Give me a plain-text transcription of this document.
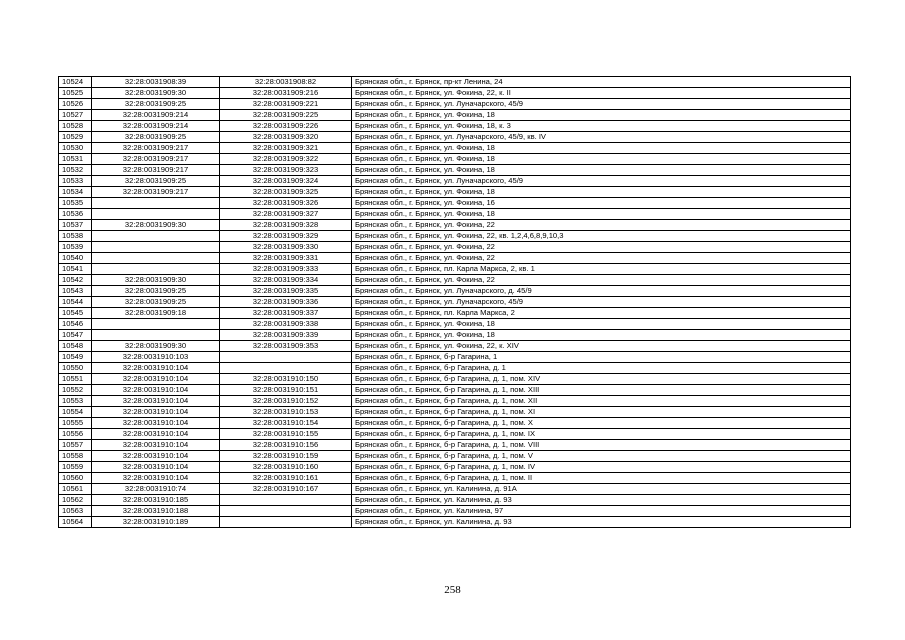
10524	32:28:0031908:39	32:28:0031908:82	Брянская обл., г. Брянск, пр-кт Ленина, 24
10525	32:28:0031909:30	32:28:0031909:216	Брянская обл., г. Брянск, ул. Фокина, 22, к. II
10526	32:28:0031909:25	32:28:0031909:221	Брянская обл., г. Брянск, ул. Луначарского, 45/9
10527	32:28:0031909:214	32:28:0031909:225	Брянская обл., г. Брянск, ул. Фокина, 18
10528	32:28:0031909:214	32:28:0031909:226	Брянская обл., г. Брянск, ул. Фокина, 18, к. 3
10529	32:28:0031909:25	32:28:0031909:320	Брянская обл., г. Брянск, ул. Луначарского, 45/9, кв. IV
10530	32:28:0031909:217	32:28:0031909:321	Брянская обл., г. Брянск, ул. Фокина, 18
10531	32:28:0031909:217	32:28:0031909:322	Брянская обл., г. Брянск, ул. Фокина, 18
10532	32:28:0031909:217	32:28:0031909:323	Брянская обл., г. Брянск, ул. Фокина, 18
10533	32:28:0031909:25	32:28:0031909:324	Брянская обл., г. Брянск, ул. Луначарского, 45/9
10534	32:28:0031909:217	32:28:0031909:325	Брянская обл., г. Брянск, ул. Фокина, 18
10535		32:28:0031909:326	Брянская обл., г. Брянск, ул. Фокина, 16
10536		32:28:0031909:327	Брянская обл., г. Брянск, ул. Фокина, 18
10537	32:28:0031909:30	32:28:0031909:328	Брянская обл., г. Брянск, ул. Фокина, 22
10538		32:28:0031909:329	Брянская обл., г. Брянск, ул. Фокина, 22, кв. 1,2,4,6,8,9,10,3
10539		32:28:0031909:330	Брянская обл., г. Брянск, ул. Фокина, 22
10540		32:28:0031909:331	Брянская обл., г. Брянск, ул. Фокина, 22
10541		32:28:0031909:333	Брянская обл., г. Брянск, пл. Карла Маркса, 2, кв. 1
10542	32:28:0031909:30	32:28:0031909:334	Брянская обл., г. Брянск, ул. Фокина, 22
10543	32:28:0031909:25	32:28:0031909:335	Брянская обл., г. Брянск, ул. Луначарского, д. 45/9
10544	32:28:0031909:25	32:28:0031909:336	Брянская обл., г. Брянск, ул. Луначарского, 45/9
10545	32:28:0031909:18	32:28:0031909:337	Брянская обл., г. Брянск, пл. Карла Маркса, 2
10546		32:28:0031909:338	Брянская обл., г. Брянск, ул. Фокина, 18
10547		32:28:0031909:339	Брянская обл., г. Брянск, ул. Фокина, 18
10548	32:28:0031909:30	32:28:0031909:353	Брянская обл., г. Брянск, ул. Фокина, 22, к. XIV
10549	32:28:0031910:103		Брянская обл., г. Брянск, б-р Гагарина, 1
10550	32:28:0031910:104		Брянская обл., г. Брянск, б-р Гагарина, д. 1
10551	32:28:0031910:104	32:28:0031910:150	Брянская обл., г. Брянск, б-р Гагарина, д. 1, пом. XIV
10552	32:28:0031910:104	32:28:0031910:151	Брянская обл., г. Брянск, б-р Гагарина, д. 1, пом. XIII
10553	32:28:0031910:104	32:28:0031910:152	Брянская обл., г. Брянск, б-р Гагарина, д. 1, пом. XII
10554	32:28:0031910:104	32:28:0031910:153	Брянская обл., г. Брянск, б-р Гагарина, д. 1, пом. XI
10555	32:28:0031910:104	32:28:0031910:154	Брянская обл., г. Брянск, б-р Гагарина, д. 1, пом. X
10556	32:28:0031910:104	32:28:0031910:155	Брянская обл., г. Брянск, б-р Гагарина, д. 1, пом. IX
10557	32:28:0031910:104	32:28:0031910:156	Брянская обл., г. Брянск, б-р Гагарина, д. 1, пом. VIII
10558	32:28:0031910:104	32:28:0031910:159	Брянская обл., г. Брянск, б-р Гагарина, д. 1, пом. V
10559	32:28:0031910:104	32:28:0031910:160	Брянская обл., г. Брянск, б-р Гагарина, д. 1, пом. IV
10560	32:28:0031910:104	32:28:0031910:161	Брянская обл., г. Брянск, б-р Гагарина, д. 1, пом. II
10561	32:28:0031910:74	32:28:0031910:167	Брянская обл., г. Брянск, ул. Калинина, д. 91А
10562	32:28:0031910:185		Брянская обл., г. Брянск, ул. Калинина, д. 93
10563	32:28:0031910:188		Брянская обл., г. Брянск, ул. Калинина, 97
10564	32:28:0031910:189		Брянская обл., г. Брянск, ул. Калинина, д. 93
258
